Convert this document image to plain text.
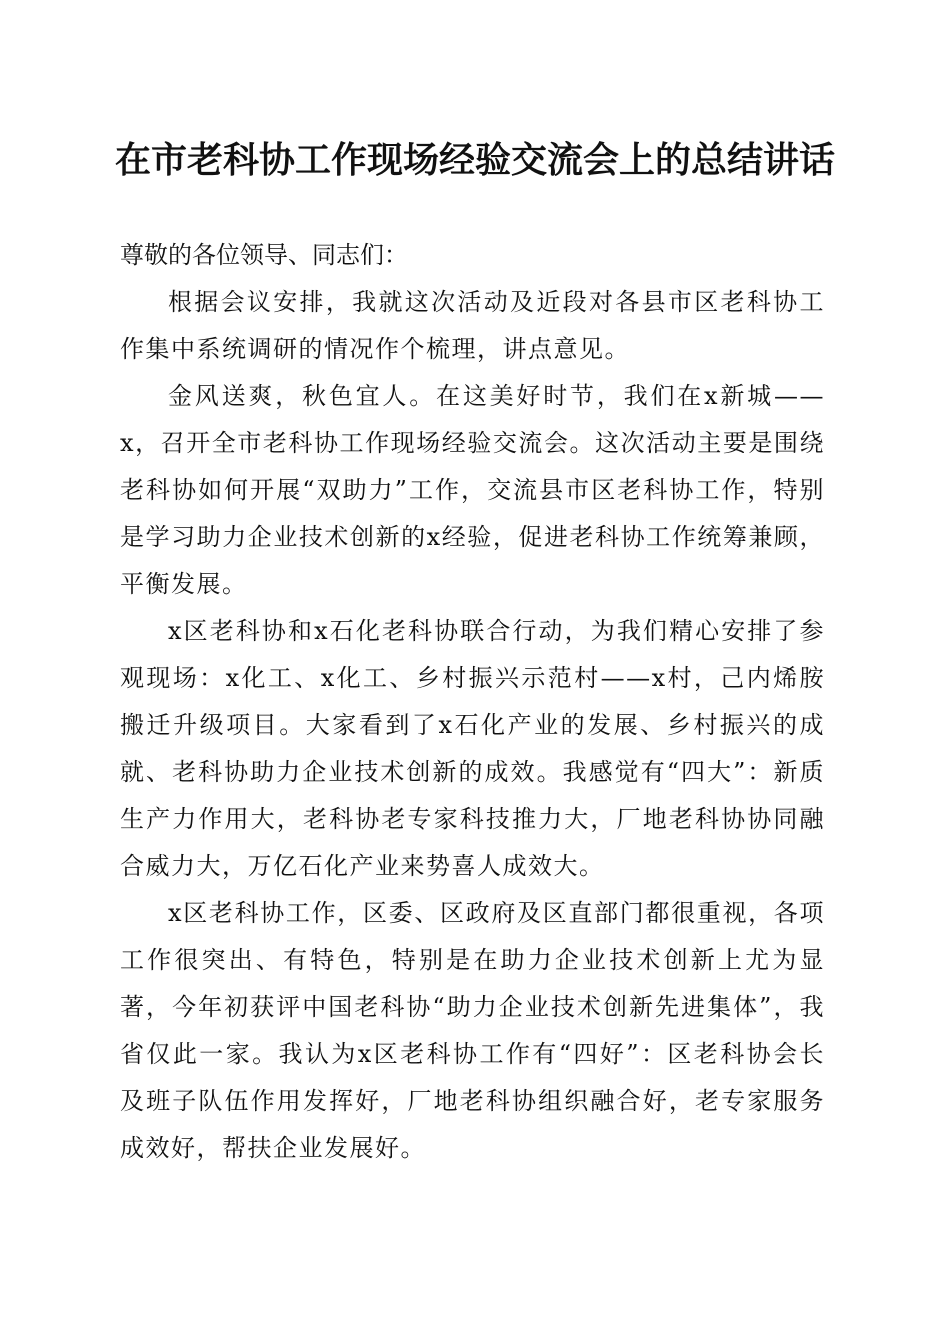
在市老科协工作现场经验交流会上的总结讲话

尊敬的各位领导、同志们：

根据会议安排，我就这次活动及近段对各县市区老科协工作集中系统调研的情况作个梳理，讲点意见。

金风送爽，秋色宜人。在这美好时节，我们在x新城——x，召开全市老科协工作现场经验交流会。这次活动主要是围绕老科协如何开展“双助力”工作，交流县市区老科协工作，特别是学习助力企业技术创新的x经验，促进老科协工作统筹兼顾，平衡发展。

x区老科协和x石化老科协联合行动，为我们精心安排了参观现场：x化工、x化工、乡村振兴示范村——x村，己内烯胺搬迁升级项目。大家看到了x石化产业的发展、乡村振兴的成就、老科协助力企业技术创新的成效。我感觉有“四大”：新质生产力作用大，老科协老专家科技推力大，厂地老科协协同融合威力大，万亿石化产业来势喜人成效大。

x区老科协工作，区委、区政府及区直部门都很重视，各项工作很突出、有特色，特别是在助力企业技术创新上尤为显著，今年初获评中国老科协“助力企业技术创新先进集体”，我省仅此一家。我认为x区老科协工作有“四好”：区老科协会长及班子队伍作用发挥好，厂地老科协组织融合好，老专家服务成效好，帮扶企业发展好。
